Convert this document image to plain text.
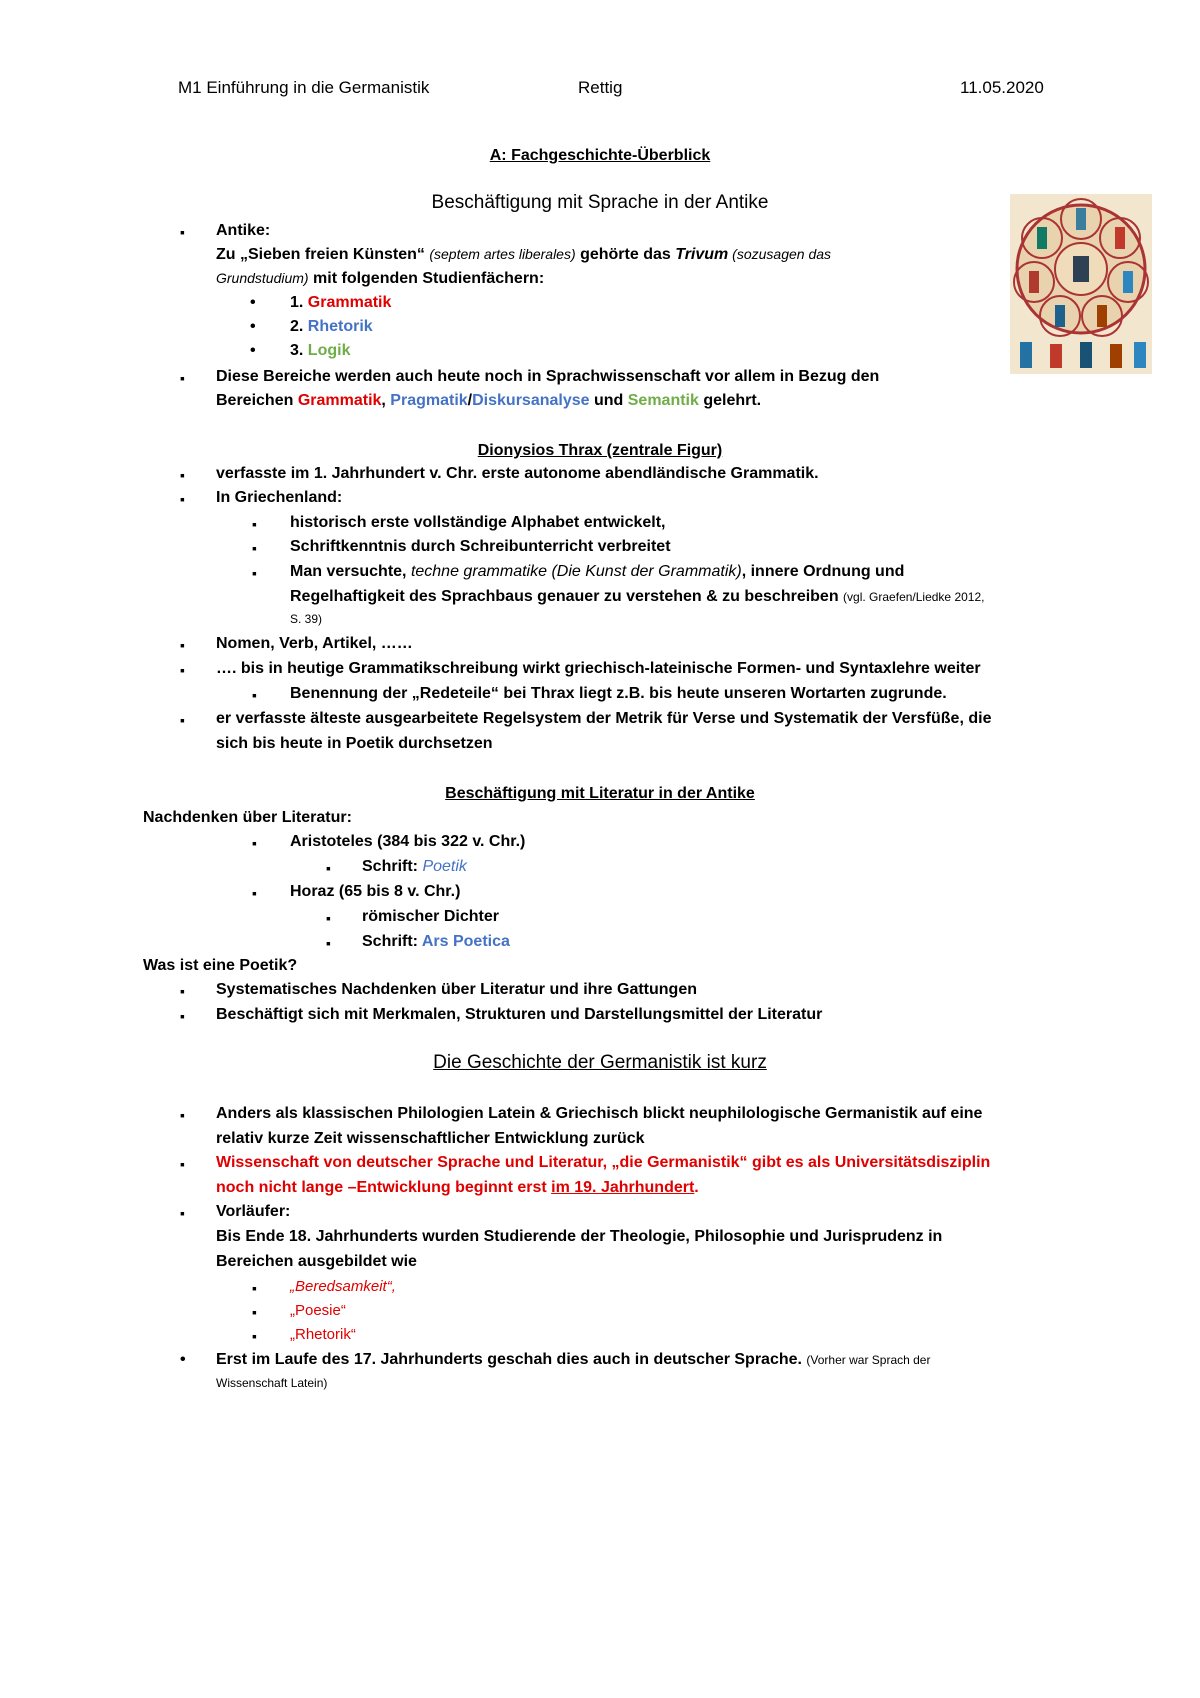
M1 Einführung in die Germanistik	Rettig	11.05.2020
A: Fachgeschichte-Überblick
Beschäftigung mit Sprache in der Antike
▪ Antike:
Zu „Sieben freien Künsten“ (septem artes liberales) gehörte das Trivum (sozusagen das
Grundstudium) mit folgenden Studienfächern:
• 1. Grammatik
• 2. Rhetorik
• 3. Logik
▪ Diese Bereiche werden auch heute noch in Sprachwissenschaft vor allem in Bezug den
Bereichen Grammatik, Pragmatik/Diskursanalyse und Semantik gelehrt.
Dionysios Thrax (zentrale Figur)
▪ verfasste im 1. Jahrhundert v. Chr. erste autonome abendländische Grammatik.
▪ In Griechenland:
▪ historisch erste vollständige Alphabet entwickelt,
▪ Schriftkenntnis durch Schreibunterricht verbreitet
▪ Man versuchte, techne grammatike (Die Kunst der Grammatik), innere Ordnung und
Regelhaftigkeit des Sprachbaus genauer zu verstehen & zu beschreiben (vgl. Graefen/Liedke 2012,
S. 39)
▪ Nomen, Verb, Artikel, ……
▪ …. bis in heutige Grammatikschreibung wirkt griechisch-lateinische Formen- und Syntaxlehre weiter
▪ Benennung der „Redeteile“ bei Thrax liegt z.B. bis heute unseren Wortarten zugrunde.
▪ er verfasste älteste ausgearbeitete Regelsystem der Metrik für Verse und Systematik der Versfüße, die
sich bis heute in Poetik durchsetzen
Beschäftigung mit Literatur in der Antike
Nachdenken über Literatur:
▪ Aristoteles (384 bis 322 v. Chr.)
▪ Schrift: Poetik
▪ Horaz (65 bis 8 v. Chr.)
▪ römischer Dichter
▪ Schrift: Ars Poetica
Was ist eine Poetik?
▪ Systematisches Nachdenken über Literatur und ihre Gattungen
▪ Beschäftigt sich mit Merkmalen, Strukturen und Darstellungsmittel der Literatur
Die Geschichte der Germanistik ist kurz
▪ Anders als klassischen Philologien Latein & Griechisch blickt neuphilologische Germanistik auf eine
relativ kurze Zeit wissenschaftlicher Entwicklung zurück
▪ Wissenschaft von deutscher Sprache und Literatur, „die Germanistik“ gibt es als Universitätsdisziplin
noch nicht lange –Entwicklung beginnt erst im 19. Jahrhundert.
▪ Vorläufer:
Bis Ende 18. Jahrhunderts wurden Studierende der Theologie, Philosophie und Jurisprudenz in
Bereichen ausgebildet wie
▪ „Beredsamkeit“,
▪ „Poesie“
▪ „Rhetorik“
• Erst im Laufe des 17. Jahrhunderts geschah dies auch in deutscher Sprache. (Vorher war Sprach der
Wissenschaft Latein)
